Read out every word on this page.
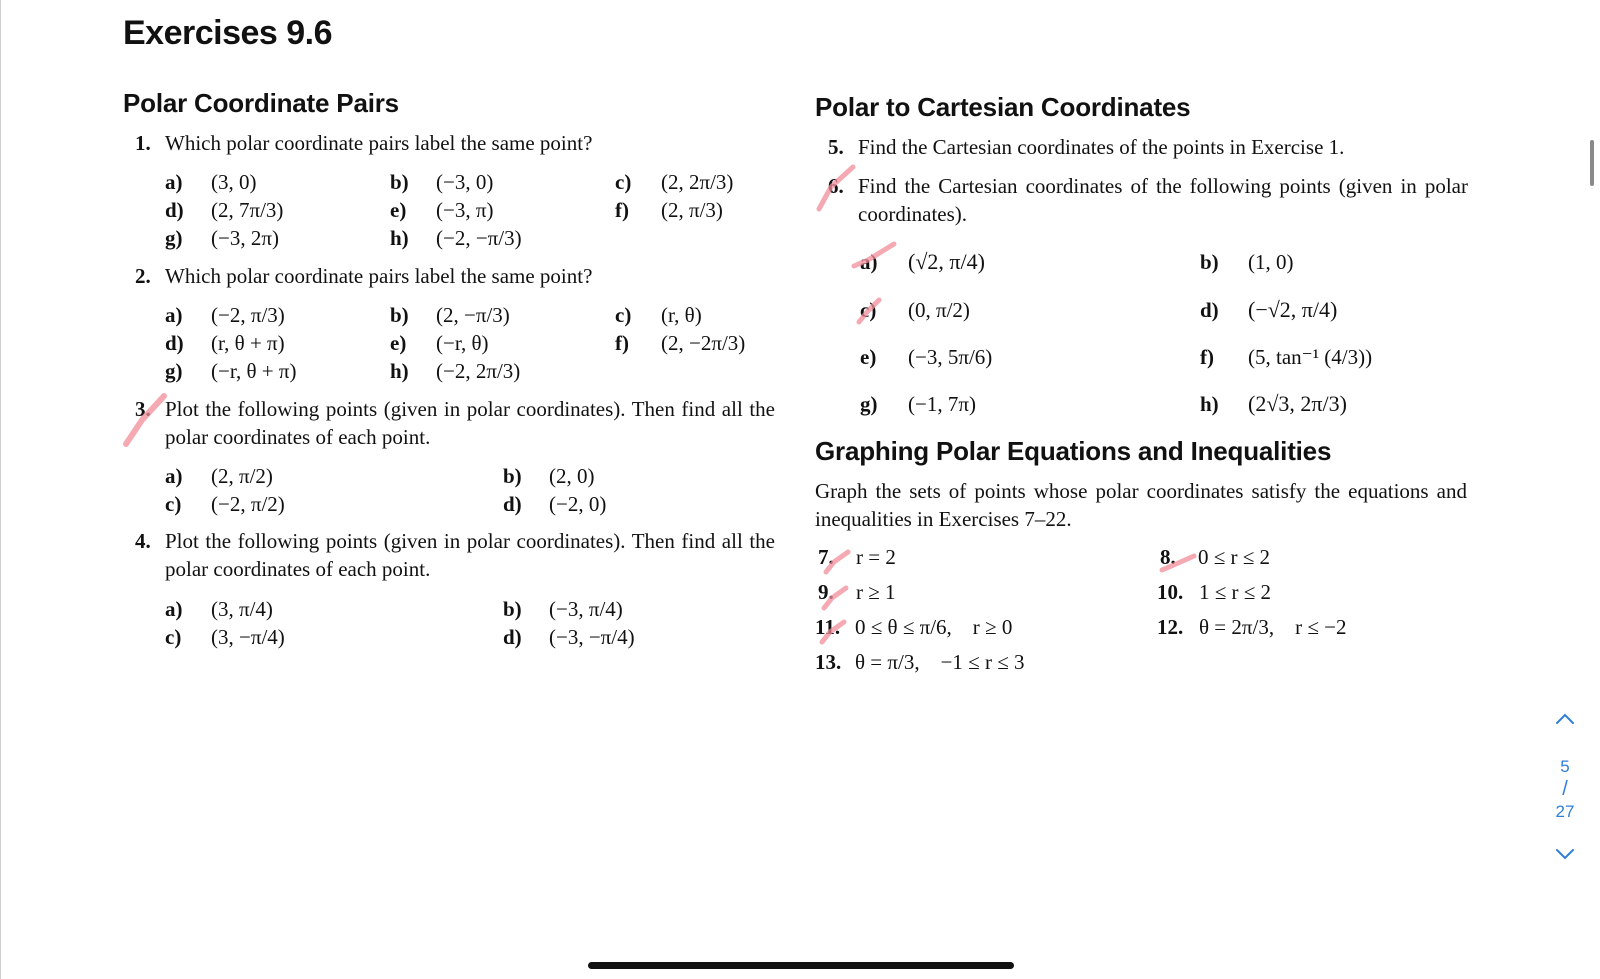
Exercises 9.6
Polar Coordinate Pairs
1. Which polar coordinate pairs label the same point?
a) (3, 0)	b) (−3, 0)	c) (2, 2π/3)
d) (2, 7π/3)	e) (−3, π)	f) (2, π/3)
g) (−3, 2π)	h) (−2, −π/3)
2. Which polar coordinate pairs label the same point?
a) (−2, π/3)	b) (2, −π/3)	c) (r, θ)
d) (r, θ + π)	e) (−r, θ)	f) (2, −2π/3)
g) (−r, θ + π)	h) (−2, 2π/3)
3. Plot the following points (given in polar coordinates). Then find all the polar coordinates of each point.
a) (2, π/2)	b) (2, 0)
c) (−2, π/2)	d) (−2, 0)
4. Plot the following points (given in polar coordinates). Then find all the polar coordinates of each point.
a) (3, π/4)	b) (−3, π/4)
c) (3, −π/4)	d) (−3, −π/4)
Polar to Cartesian Coordinates
5. Find the Cartesian coordinates of the points in Exercise 1.
6. Find the Cartesian coordinates of the following points (given in polar coordinates).
a) (√2, π/4)	b) (1, 0)
c) (0, π/2)	d) (−√2, π/4)
e) (−3, 5π/6)	f) (5, tan⁻¹ (4/3))
g) (−1, 7π)	h) (2√3, 2π/3)
Graphing Polar Equations and Inequalities
Graph the sets of points whose polar coordinates satisfy the equations and inequalities in Exercises 7–22.
7. r = 2	8. 0 ≤ r ≤ 2
9. r ≥ 1	10. 1 ≤ r ≤ 2
11. 0 ≤ θ ≤ π/6,    r ≥ 0	12. θ = 2π/3,    r ≤ −2
13. θ = π/3,    −1 ≤ r ≤ 3
5
/
27
